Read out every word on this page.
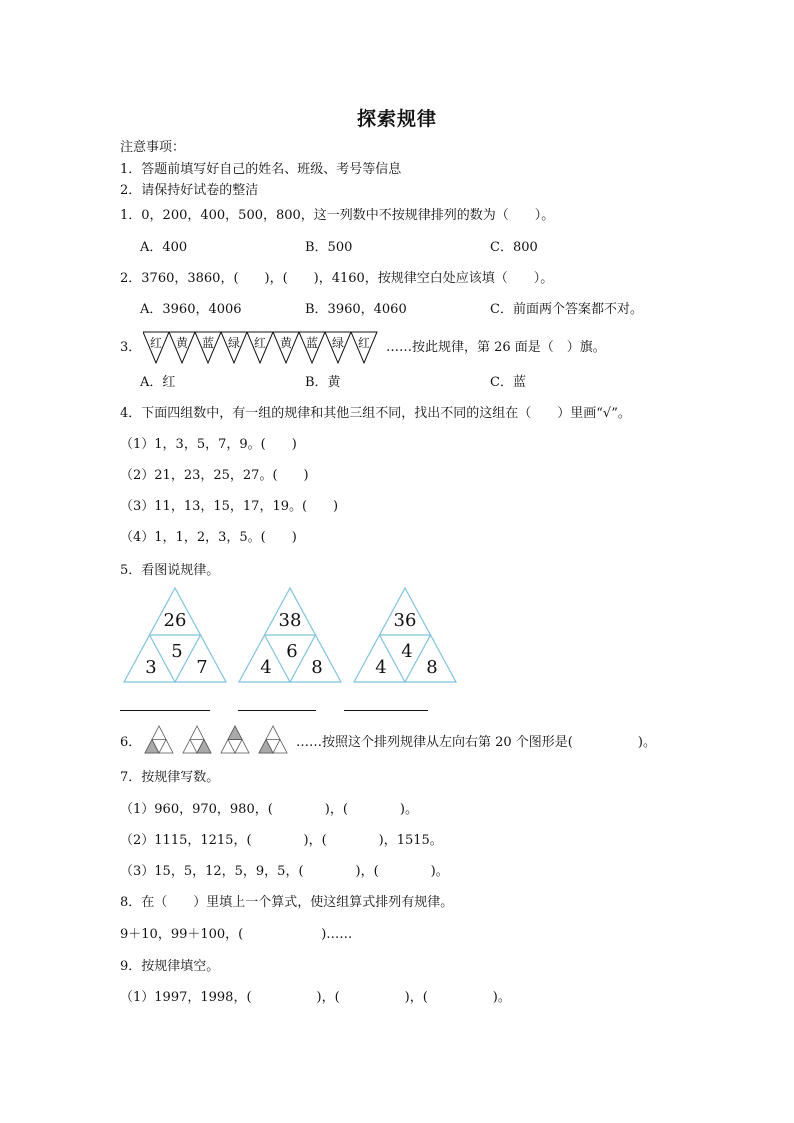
探索规律
注意事项：
1．答题前填写好自己的姓名、班级、考号等信息
2．请保持好试卷的整洁
1．0，200，400，500，800，这一列数中不按规律排列的数为（　　）。
A．400	B．500	C．800
2．3760，3860，(　　)，(　　)，4160，按规律空白处应该填（　　）。
A．3960，4006	B．3960，4060	C．前面两个答案都不对。
3． 红 黄 蓝 绿 红 黄 蓝 绿 红 ……按此规律，第 26 面是（　）旗。
A．红	B．黄	C．蓝
4．下面四组数中，有一组的规律和其他三组不同，找出不同的这组在（　　）里画“√”。
（1）1，3，5，7，9。(　　)
（2）21，23，25，27。(　　)
（3）11，13，15，17，19。(　　)
（4）1，1，2，3，5。(　　)
5．看图说规律。
26
5
3 7
38
6
4 8
36
4
4 8
6．	……按照这个排列规律从左向右第 20 个图形是(　　　　　)。
7．按规律写数。
（1）960，970，980，(　　　　)，(　　　　)。
（2）1115，1215，(　　　　)，(　　　　)，1515。
（3）15，5，12，5，9，5，(　　　　)，(　　　　)。
8．在（　　）里填上一个算式，使这组算式排列有规律。
9＋10，99＋100，(　　　　　　)……
9．按规律填空。
（1）1997，1998，(　　　　　)，(　　　　　)，(　　　　　)。
